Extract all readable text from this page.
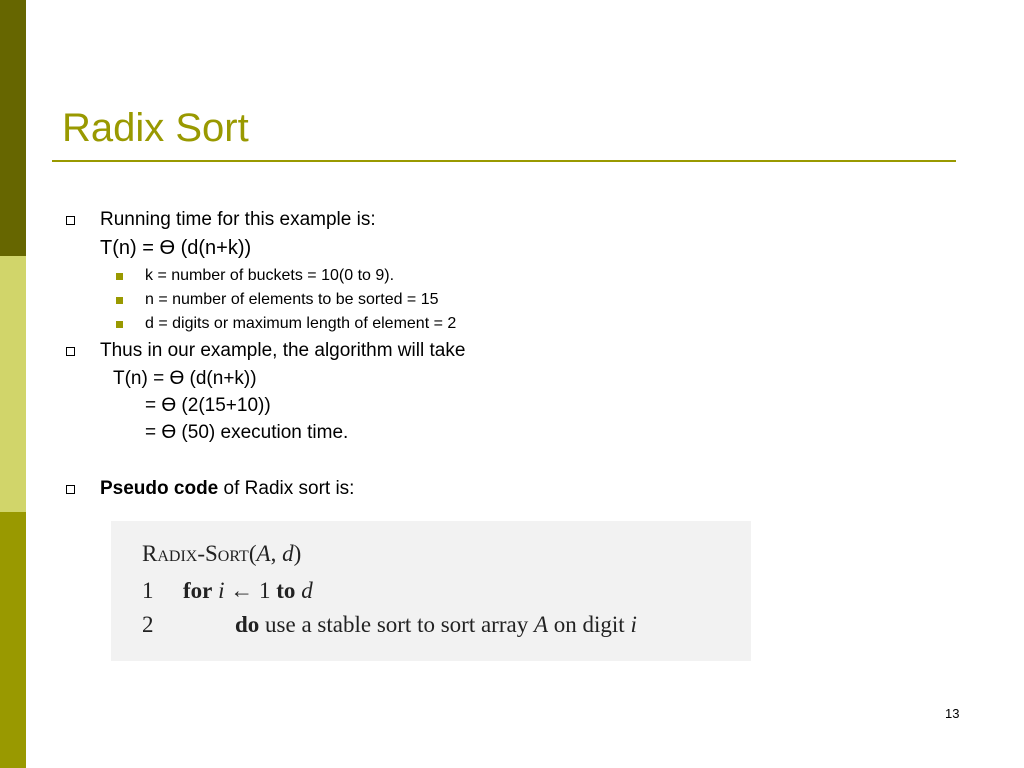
Radix Sort
Running time for this example is:
T(n) = ϴ (d(n+k))
k = number of buckets = 10(0 to 9).
n = number of elements to be sorted = 15
d = digits or maximum length of element = 2
Thus in our example, the algorithm will take
T(n) = ϴ (d(n+k))
= ϴ (2(15+10))
= ϴ (50) execution time.
Pseudo code of Radix sort is:
Radix-Sort(A, d)
1 for i ← 1 to d
2	do use a stable sort to sort array A on digit i
13
